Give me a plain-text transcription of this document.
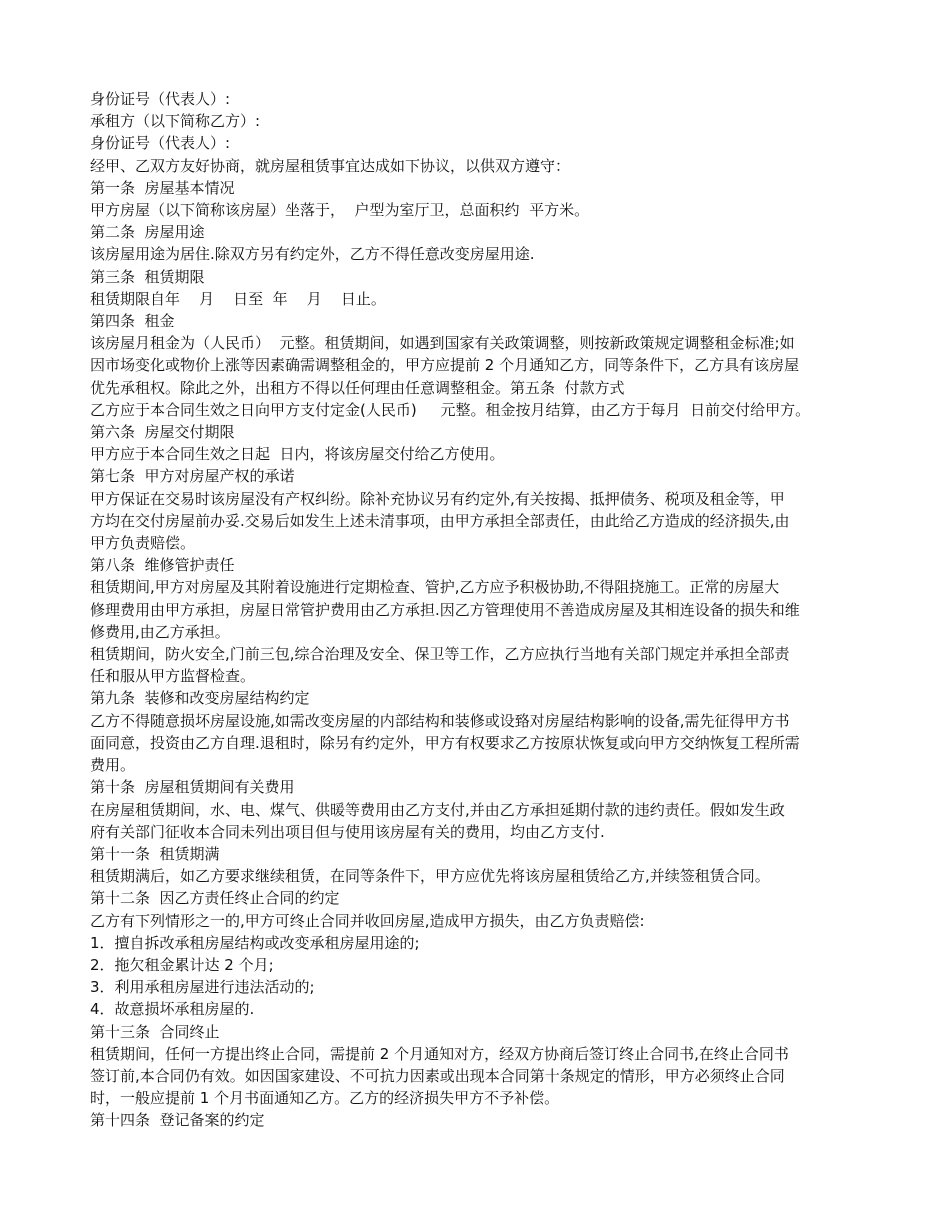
身份证号（代表人）:
承租方（以下简称乙方）:
身份证号（代表人）:
经甲、乙双方友好协商，就房屋租赁事宜达成如下协议，以供双方遵守：
第一条  房屋基本情况
甲方房屋（以下简称该房屋）坐落于，  户型为室厅卫，总面积约  平方米。
第二条  房屋用途
该房屋用途为居住.除双方另有约定外，乙方不得任意改变房屋用途.
第三条  租赁期限
租赁期限自年    月    日至  年    月    日止。
第四条  租金
该房屋月租金为（人民币）  元整。租赁期间，如遇到国家有关政策调整，则按新政策规定调整租金标准;如
因市场变化或物价上涨等因素确需调整租金的，甲方应提前 2 个月通知乙方，同等条件下，乙方具有该房屋
优先承租权。除此之外，出租方不得以任何理由任意调整租金。第五条  付款方式
乙方应于本合同生效之日向甲方支付定金(人民币)     元整。租金按月结算，由乙方于每月  日前交付给甲方。
第六条  房屋交付期限
甲方应于本合同生效之日起  日内，将该房屋交付给乙方使用。
第七条  甲方对房屋产权的承诺
甲方保证在交易时该房屋没有产权纠纷。除补充协议另有约定外,有关按揭、抵押债务、税项及租金等，甲
方均在交付房屋前办妥.交易后如发生上述未清事项，由甲方承担全部责任，由此给乙方造成的经济损失,由
甲方负责赔偿。
第八条  维修管护责任
租赁期间,甲方对房屋及其附着设施进行定期检查、管护,乙方应予积极协助,不得阻挠施工。正常的房屋大
修理费用由甲方承担，房屋日常管护费用由乙方承担.因乙方管理使用不善造成房屋及其相连设备的损失和维
修费用,由乙方承担。
租赁期间，防火安全,门前三包,综合治理及安全、保卫等工作，乙方应执行当地有关部门规定并承担全部责
任和服从甲方监督检查。
第九条  装修和改变房屋结构约定
乙方不得随意损坏房屋设施,如需改变房屋的内部结构和装修或设臵对房屋结构影响的设备,需先征得甲方书
面同意，投资由乙方自理.退租时，除另有约定外，甲方有权要求乙方按原状恢复或向甲方交纳恢复工程所需
费用。
第十条  房屋租赁期间有关费用
在房屋租赁期间，水、电、煤气、供暖等费用由乙方支付,并由乙方承担延期付款的违约责任。假如发生政
府有关部门征收本合同未列出项目但与使用该房屋有关的费用，均由乙方支付.
第十一条  租赁期满
租赁期满后，如乙方要求继续租赁，在同等条件下，甲方应优先将该房屋租赁给乙方,并续签租赁合同。
第十二条  因乙方责任终止合同的约定
乙方有下列情形之一的,甲方可终止合同并收回房屋,造成甲方损失，由乙方负责赔偿:
1．擅自拆改承租房屋结构或改变承租房屋用途的;
2．拖欠租金累计达 2 个月;
3．利用承租房屋进行违法活动的;
4．故意损坏承租房屋的.
第十三条  合同终止
租赁期间，任何一方提出终止合同，需提前 2 个月通知对方，经双方协商后签订终止合同书,在终止合同书
签订前,本合同仍有效。如因国家建设、不可抗力因素或出现本合同第十条规定的情形，甲方必须终止合同
时，一般应提前 1 个月书面通知乙方。乙方的经济损失甲方不予补偿。
第十四条  登记备案的约定
